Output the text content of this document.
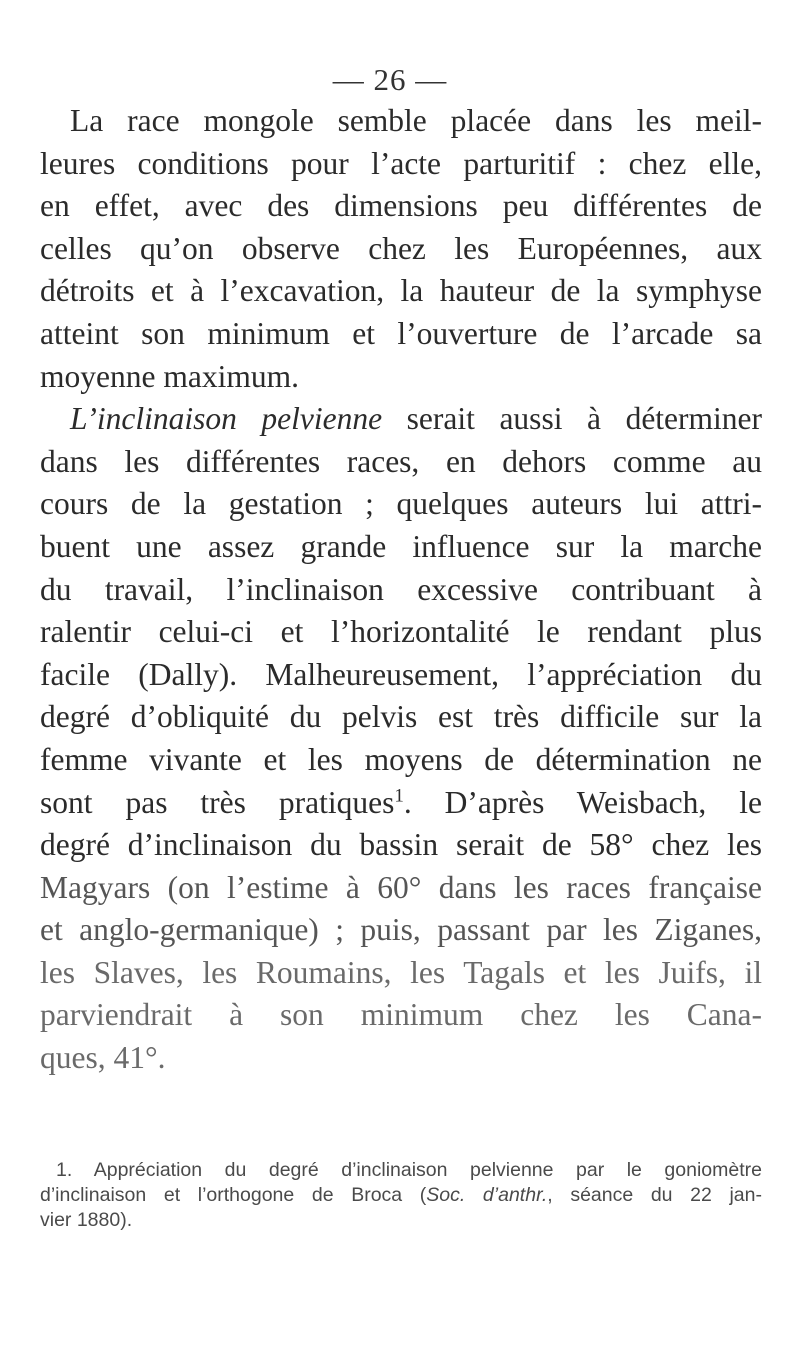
— 26 —
La race mongole semble placée dans les meil-
leures conditions pour l’acte parturitif : chez elle,
en effet, avec des dimensions peu différentes de
celles qu’on observe chez les Européennes, aux
détroits et à l’excavation, la hauteur de la symphyse
atteint son minimum et l’ouverture de l’arcade sa
moyenne maximum.
L’inclinaison pelvienne serait aussi à déterminer
dans les différentes races, en dehors comme au
cours de la gestation ; quelques auteurs lui attri-
buent une assez grande influence sur la marche
du travail, l’inclinaison excessive contribuant à
ralentir celui-ci et l’horizontalité le rendant plus
facile (Dally). Malheureusement, l’appréciation du
degré d’obliquité du pelvis est très difficile sur la
femme vivante et les moyens de détermination ne
sont pas très pratiques$^1$. D’après Weisbach, le
degré d’inclinaison du bassin serait de 58° chez les
Magyars (on l’estime à 60° dans les races française
et anglo-germanique) ; puis, passant par les Ziganes,
les Slaves, les Roumains, les Tagals et les Juifs, il
parviendrait à son minimum chez les Cana-
ques, 41°.
1. Appréciation du degré d’inclinaison pelvienne par le goniomètre
d’inclinaison et l’orthogone de Broca (Soc. d’anthr., séance du 22 jan-
vier 1880).
